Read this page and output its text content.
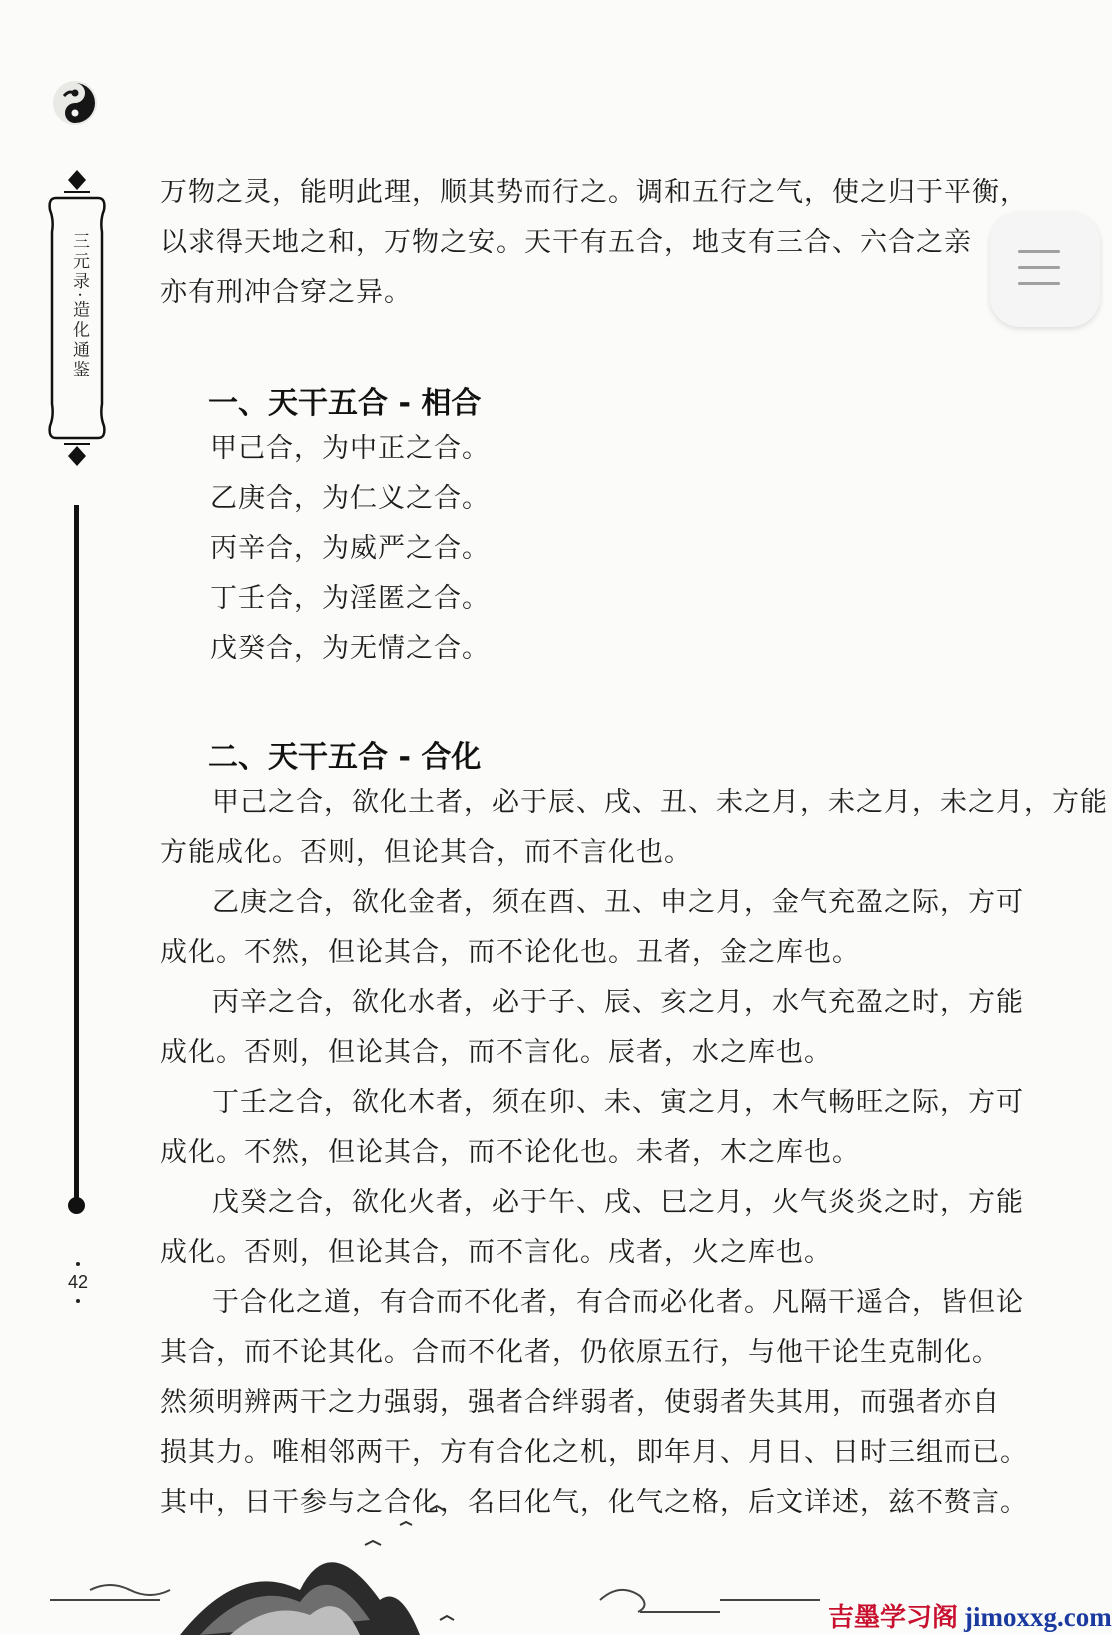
三元录·造化通鉴
42
万物之灵，能明此理，顺其势而行之。调和五行之气，使之归于平衡，
以求得天地之和，万物之安。天干有五合，地支有三合、六合之亲
亦有刑冲合穿之异。
一、天干五合 - 相合
甲己合，为中正之合。
乙庚合，为仁义之合。
丙辛合，为威严之合。
丁壬合，为淫匿之合。
戊癸合，为无情之合。
二、天干五合 - 合化
甲己之合，欲化土者，必于辰、戌、丑、未之月，未之月，未之月，方能
方能成化。否则，但论其合，而不言化也。
乙庚之合，欲化金者，须在酉、丑、申之月，金气充盈之际，方可
成化。不然，但论其合，而不论化也。丑者，金之库也。
丙辛之合，欲化水者，必于子、辰、亥之月，水气充盈之时，方能
成化。否则，但论其合，而不言化。辰者，水之库也。
丁壬之合，欲化木者，须在卯、未、寅之月，木气畅旺之际，方可
成化。不然，但论其合，而不论化也。未者，木之库也。
戊癸之合，欲化火者，必于午、戌、巳之月，火气炎炎之时，方能
成化。否则，但论其合，而不言化。戌者，火之库也。
于合化之道，有合而不化者，有合而必化者。凡隔干遥合，皆但论
其合，而不论其化。合而不化者，仍依原五行，与他干论生克制化。
然须明辨两干之力强弱，强者合绊弱者，使弱者失其用，而强者亦自
损其力。唯相邻两干，方有合化之机，即年月、月日、日时三组而已。
其中，日干参与之合化，名曰化气，化气之格，后文详述，兹不赘言。
吉墨学习阁 jimoxxg.com
